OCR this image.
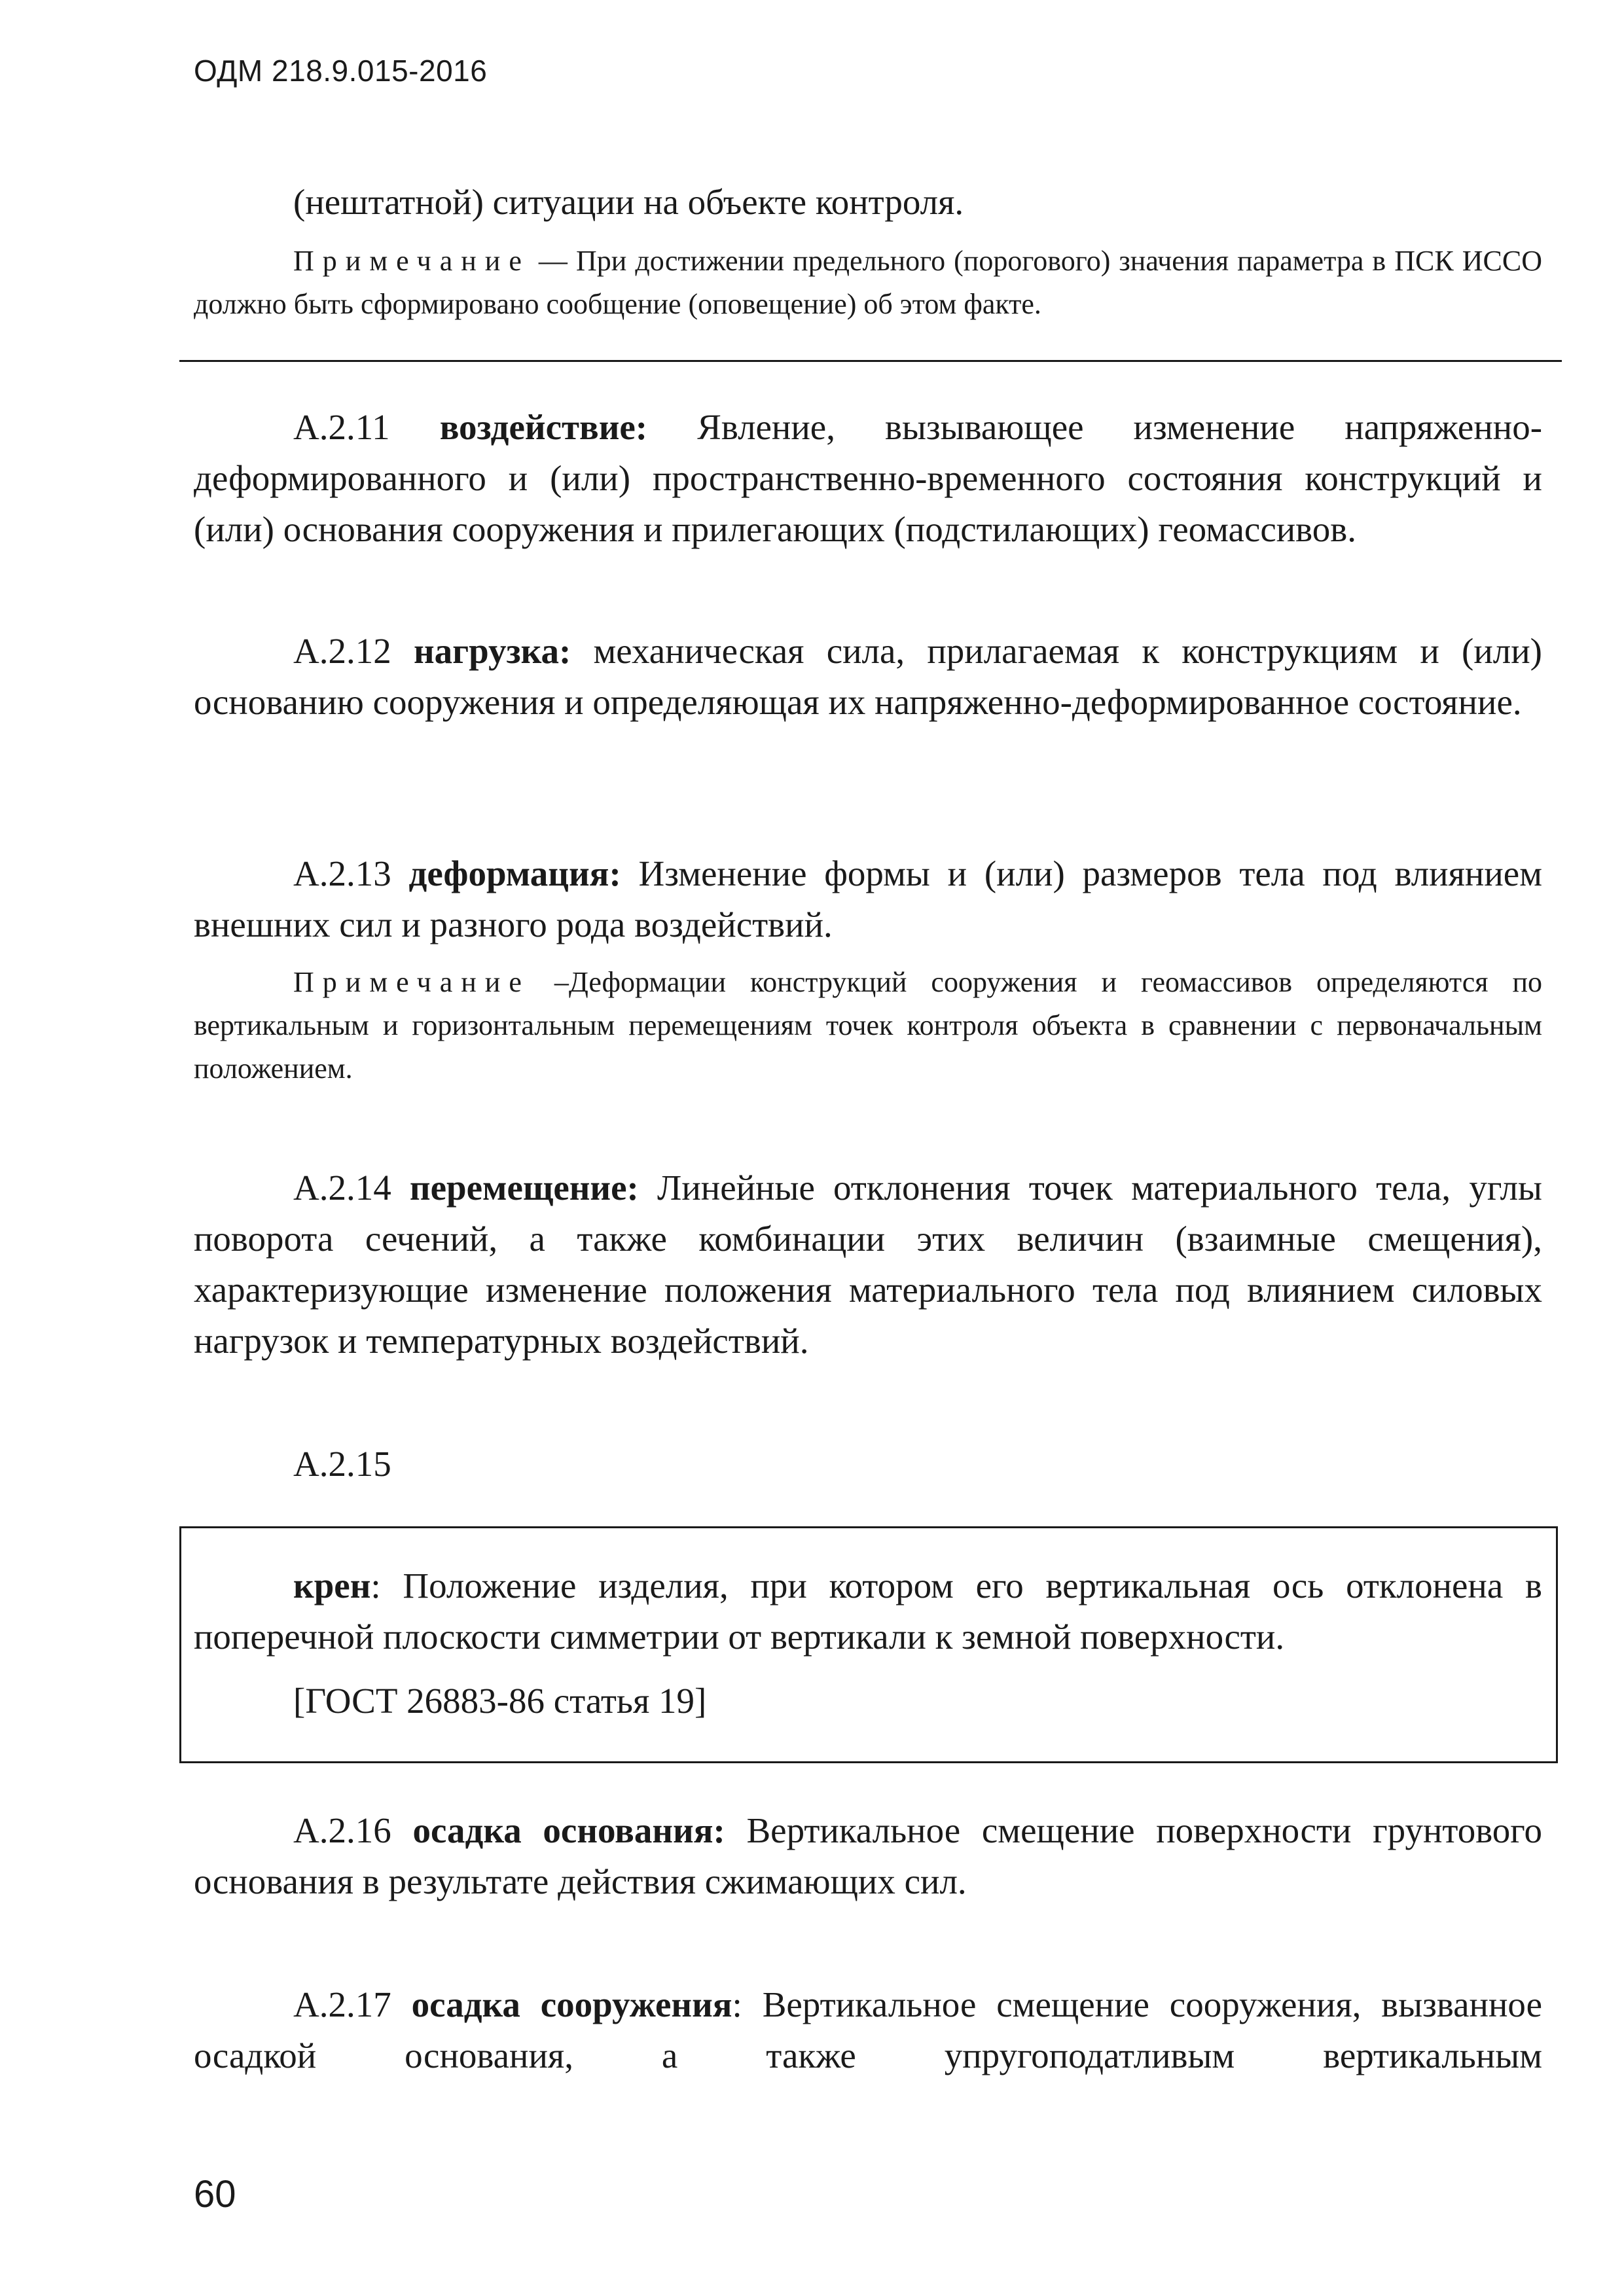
ОДМ 218.9.015-2016
(нештатной) ситуации на объекте контроля.
Примечание — При достижении предельного (порогового) значения параметра в ПСК ИССО должно быть сформировано сообщение (оповещение) об этом факте.
А.2.11 воздействие: Явление, вызывающее изменение напряженно-деформированного и (или) пространственно-временного состояния конструкций и (или) основания сооружения и прилегающих (подстилающих) геомассивов.
А.2.12 нагрузка: механическая сила, прилагаемая к конструкциям и (или) основанию сооружения и определяющая их напряженно-деформированное состояние.
А.2.13 деформация: Изменение формы и (или) размеров тела под влиянием внешних сил и разного рода воздействий.
Примечание –Деформации конструкций сооружения и геомассивов определяются по вертикальным и горизонтальным перемещениям точек контроля объекта в сравнении с первоначальным положением.
А.2.14 перемещение: Линейные отклонения точек материального тела, углы поворота сечений, а также комбинации этих величин (взаимные смещения), характеризующие изменение положения материального тела под влиянием силовых нагрузок и температурных воздействий.
А.2.15
крен: Положение изделия, при котором его вертикальная ось отклонена в поперечной плоскости симметрии от вертикали к земной поверхности.
[ГОСТ 26883-86 статья 19]
А.2.16 осадка основания: Вертикальное смещение поверхности грунтового основания в результате действия сжимающих сил.
А.2.17 осадка сооружения: Вертикальное смещение сооружения, вызванное осадкой основания, а также упругоподатливым вертикальным
60
